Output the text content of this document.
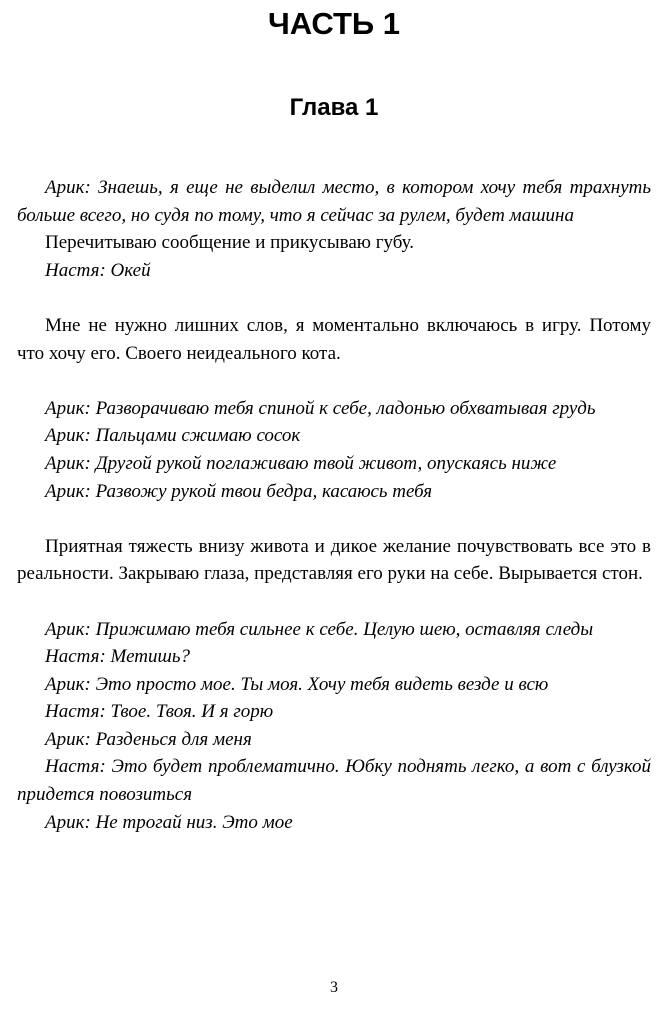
ЧАСТЬ 1
Глава 1

Арик: Знаешь, я еще не выделил место, в котором хочу тебя трахнуть больше всего, но судя по тому, что я сейчас за рулем, будет машина

Перечитываю сообщение и прикусываю губу.

Настя: Окей

Мне не нужно лишних слов, я моментально включаюсь в игру. Потому что хочу его. Своего неидеального кота.

Арик: Разворачиваю тебя спиной к себе, ладонью обхватывая грудь

Арик: Пальцами сжимаю сосок

Арик: Другой рукой поглаживаю твой живот, опускаясь ниже

Арик: Развожу рукой твои бедра, касаюсь тебя

Приятная тяжесть внизу живота и дикое желание почувствовать все это в реальности. Закрываю глаза, представляя его руки на себе. Вырывается стон.

Арик: Прижимаю тебя сильнее к себе. Целую шею, оставляя следы

Настя: Метишь?

Арик: Это просто мое. Ты моя. Хочу тебя видеть везде и всю

Настя: Твое. Твоя. И я горю

Арик: Разденься для меня

Настя: Это будет проблематично. Юбку поднять легко, а вот с блузкой придется повозиться

Арик: Не трогай низ. Это мое

3
